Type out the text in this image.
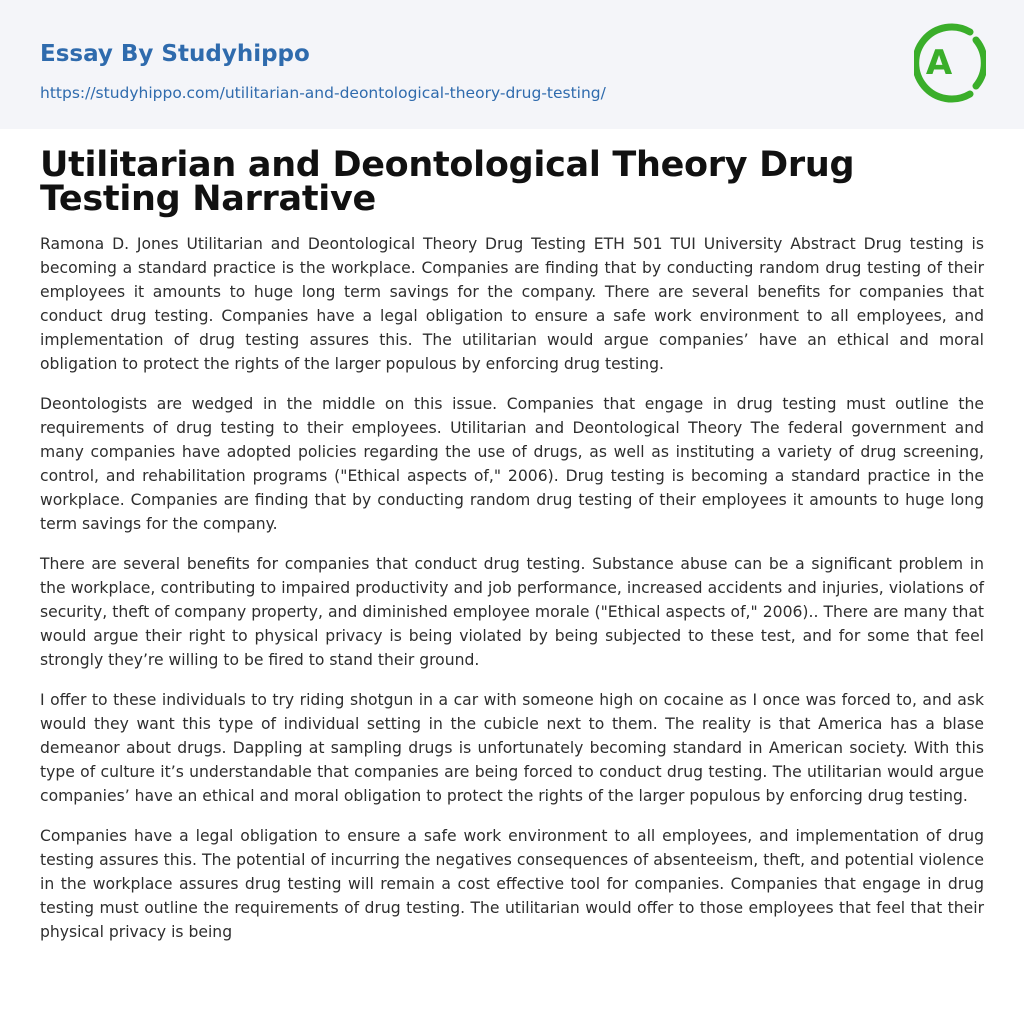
Essay By Studyhippo
https://studyhippo.com/utilitarian-and-deontological-theory-drug-testing/
A
Utilitarian and Deontological Theory Drug Testing Narrative

Ramona D. Jones Utilitarian and Deontological Theory Drug Testing ETH 501 TUI University Abstract Drug testing is becoming a standard practice is the workplace. Companies are finding that by conducting random drug testing of their employees it amounts to huge long term savings for the company. There are several benefits for companies that conduct drug testing. Companies have a legal obligation to ensure a safe work environment to all employees, and implementation of drug testing assures this. The utilitarian would argue companies’ have an ethical and moral obligation to protect the rights of the larger populous by enforcing drug testing.

Deontologists are wedged in the middle on this issue. Companies that engage in drug testing must outline the requirements of drug testing to their employees. Utilitarian and Deontological Theory The federal government and many companies have adopted policies regarding the use of drugs, as well as instituting a variety of drug screening, control, and rehabilitation programs ("Ethical aspects of," 2006). Drug testing is becoming a standard practice in the workplace. Companies are finding that by conducting random drug testing of their employees it amounts to huge long term savings for the company.

There are several benefits for companies that conduct drug testing. Substance abuse can be a significant problem in the workplace, contributing to impaired productivity and job performance, increased accidents and injuries, violations of security, theft of company property, and diminished employee morale ("Ethical aspects of," 2006).. There are many that would argue their right to physical privacy is being violated by being subjected to these test, and for some that feel strongly they’re willing to be fired to stand their ground.

I offer to these individuals to try riding shotgun in a car with someone high on cocaine as I once was forced to, and ask would they want this type of individual setting in the cubicle next to them. The reality is that America has a blase demeanor about drugs. Dappling at sampling drugs is unfortunately becoming standard in American society. With this type of culture it’s understandable that companies are being forced to conduct drug testing. The utilitarian would argue companies’ have an ethical and moral obligation to protect the rights of the larger populous by enforcing drug testing.

Companies have a legal obligation to ensure a safe work environment to all employees, and implementation of drug testing assures this. The potential of incurring the negatives consequences of absenteeism, theft, and potential violence in the workplace assures drug testing will remain a cost effective tool for companies. Companies that engage in drug testing must outline the requirements of drug testing. The utilitarian would offer to those employees that feel that their physical privacy is being
